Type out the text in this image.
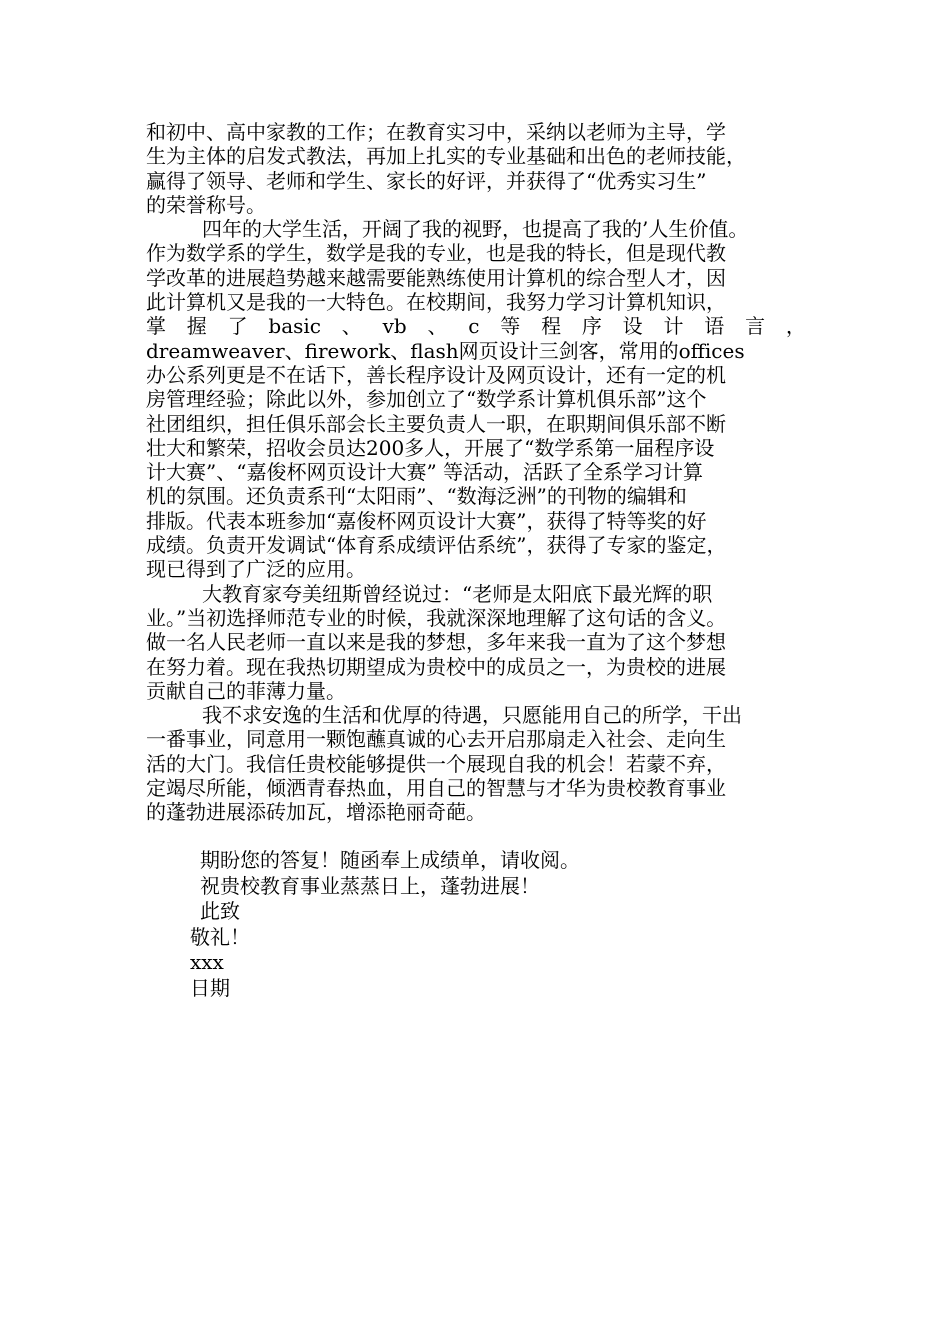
和初中、高中家教的工作；在教育实习中，采纳以老师为主导，学
生为主体的启发式教法，再加上扎实的专业基础和出色的老师技能，
赢得了领导、老师和学生、家长的好评，并获得了“优秀实习生”
的荣誉称号。
四年的大学生活，开阔了我的视野，也提高了我的’人生价值。
作为数学系的学生，数学是我的专业，也是我的特长，但是现代教
学改革的进展趋势越来越需要能熟练使用计算机的综合型人才，因
此计算机又是我的一大特色。在校期间，我努力学习计算机知识，
掌 握 了 basic 、 vb 、 c 等 程 序 设 计 语 言 ，
dreamweaver、firework、flash网页设计三剑客，常用的offices
办公系列更是不在话下，善长程序设计及网页设计，还有一定的机
房管理经验；除此以外，参加创立了“数学系计算机俱乐部”这个
社团组织，担任俱乐部会长主要负责人一职，在职期间俱乐部不断
壮大和繁荣，招收会员达200多人，开展了“数学系第一届程序设
计大赛”、“嘉俊杯网页设计大赛” 等活动，活跃了全系学习计算
机的氛围。还负责系刊“太阳雨”、“数海泛洲”的刊物的编辑和
排版。代表本班参加“嘉俊杯网页设计大赛”，获得了特等奖的好
成绩。负责开发调试“体育系成绩评估系统”，获得了专家的鉴定，
现已得到了广泛的应用。
大教育家夸美纽斯曾经说过：“老师是太阳底下最光辉的职
业。”当初选择师范专业的时候，我就深深地理解了这句话的含义。
做一名人民老师一直以来是我的梦想，多年来我一直为了这个梦想
在努力着。现在我热切期望成为贵校中的成员之一，为贵校的进展
贡献自己的菲薄力量。
我不求安逸的生活和优厚的待遇，只愿能用自己的所学，干出
一番事业，同意用一颗饱蘸真诚的心去开启那扇走入社会、走向生
活的大门。我信任贵校能够提供一个展现自我的机会！若蒙不弃，
定竭尽所能，倾洒青春热血，用自己的智慧与才华为贵校教育事业
的蓬勃进展添砖加瓦，增添艳丽奇葩。
期盼您的答复！随函奉上成绩单，请收阅。
祝贵校教育事业蒸蒸日上，蓬勃进展！
此致
敬礼！
xxx
日期
